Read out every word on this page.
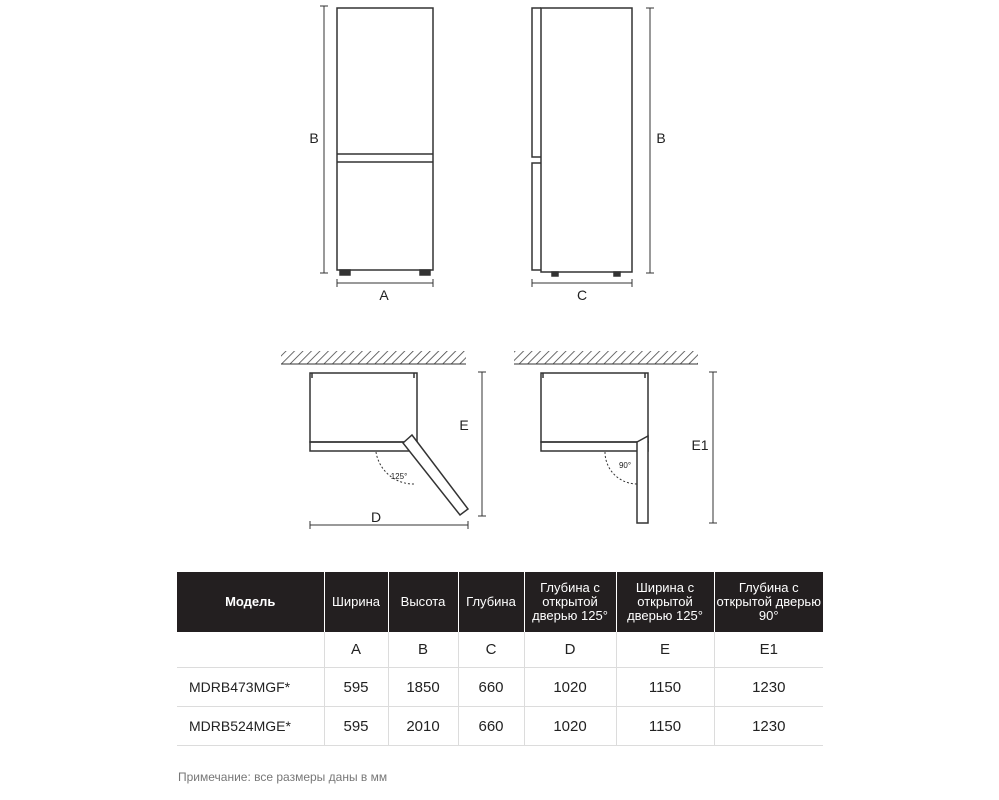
B
A
B
C
125°
E
D
90°
E1
Модель	Ширина	Высота	Глубина	Глубина с открытой дверью 125°	Ширина с открытой дверью 125°	Глубина с открытой дверью 90°
	A	B	C	D	E	E1
MDRB473MGF*	595	1850	660	1020	1150	1230
MDRB524MGE*	595	2010	660	1020	1150	1230
Примечание: все размеры даны в мм
